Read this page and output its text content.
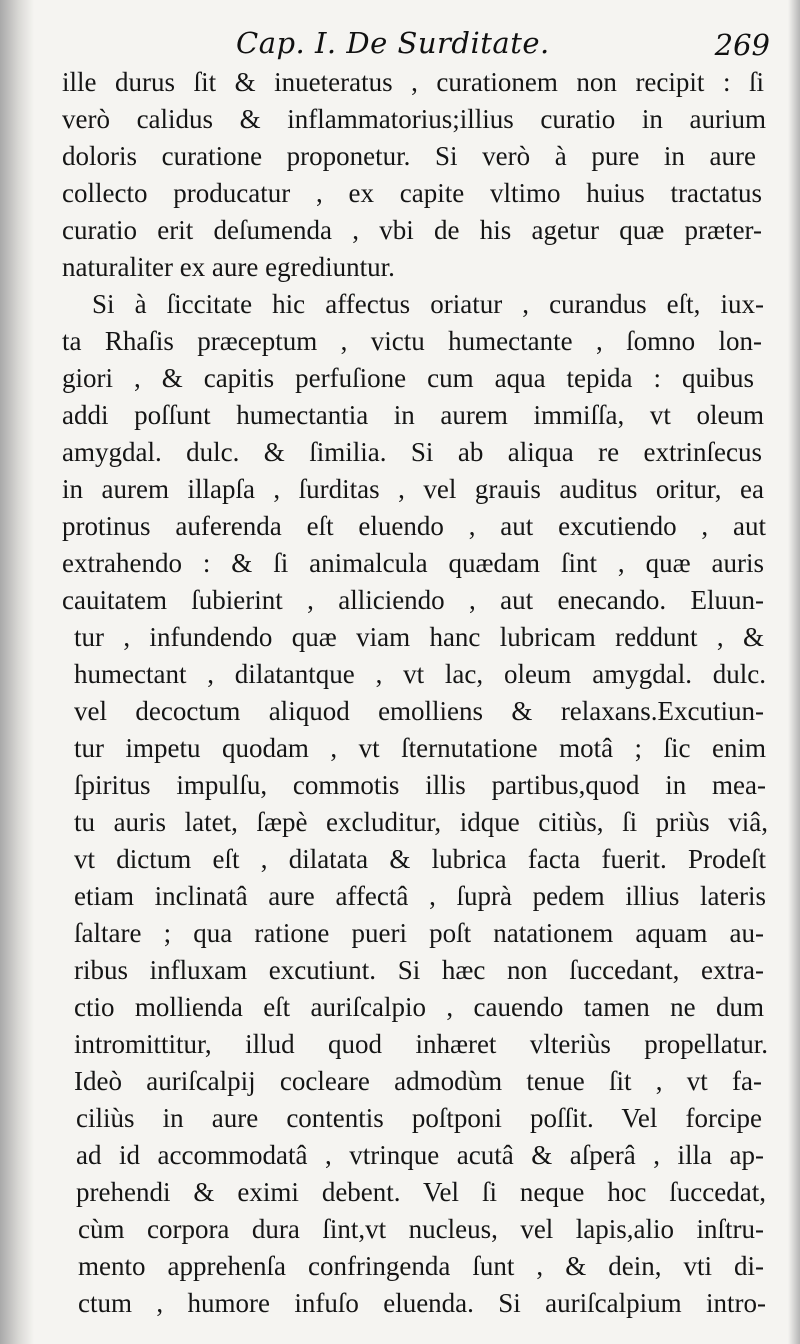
Cap. I. De Surditate.	269
ille durus ſit & inueteratus , curationem non recipit : ſi
verò calidus & inflammatorius;illius curatio in aurium
doloris curatione proponetur. Si verò à pure in aure
collecto producatur , ex capite vltimo huius tractatus
curatio erit deſumenda , vbi de his agetur quæ præter-
naturaliter ex aure egrediuntur.
Si à ſiccitate hic affectus oriatur , curandus eſt, iux-
ta Rhaſis præceptum , victu humectante , ſomno lon-
giori , & capitis perfuſione cum aqua tepida : quibus
addi poſſunt humectantia in aurem immiſſa, vt oleum
amygdal. dulc. & ſimilia. Si ab aliqua re extrinſecus
in aurem illapſa , ſurditas , vel grauis auditus oritur, ea
protinus auferenda eſt eluendo , aut excutiendo , aut
extrahendo : & ſi animalcula quædam ſint , quæ auris
cauitatem ſubierint , alliciendo , aut enecando. Eluun-
tur , infundendo quæ viam hanc lubricam reddunt , &
humectant , dilatantque , vt lac, oleum amygdal. dulc.
vel decoctum aliquod emolliens & relaxans.Excutiun-
tur impetu quodam , vt ſternutatione motâ ; ſic enim
ſpiritus impulſu, commotis illis partibus,quod in mea-
tu auris latet, ſæpè excluditur, idque citiùs, ſi priùs viâ,
vt dictum eſt , dilatata & lubrica facta fuerit. Prodeſt
etiam inclinatâ aure affectâ , ſuprà pedem illius lateris
ſaltare ; qua ratione pueri poſt natationem aquam au-
ribus influxam excutiunt. Si hæc non ſuccedant, extra-
ctio mollienda eſt auriſcalpio , cauendo tamen ne dum
intromittitur, illud quod inhæret vlteriùs propellatur.
Ideò auriſcalpij cocleare admodùm tenue ſit , vt fa-
ciliùs in aure contentis poſtponi poſſit. Vel forcipe
ad id accommodatâ , vtrinque acutâ & aſperâ , illa ap-
prehendi & eximi debent. Vel ſi neque hoc ſuccedat,
cùm corpora dura ſint,vt nucleus, vel lapis,alio inſtru-
mento apprehenſa confringenda ſunt , & dein, vti di-
ctum , humore infuſo eluenda. Si auriſcalpium intro-
